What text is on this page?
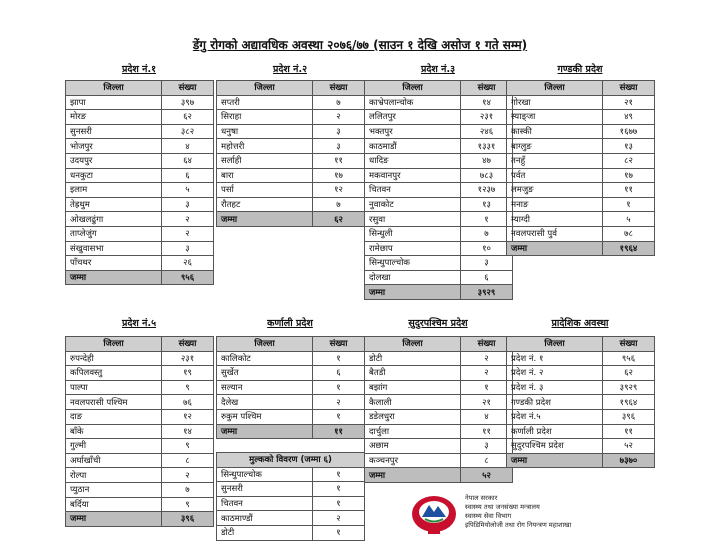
डेंगु रोगको अद्यावधिक अवस्था २०७६/७७ (साउन १ देखि असोज १ गते सम्म)
प्रदेश नं.१
जिल्ला	संख्या
झापा	३९७
मोरङ	६२
सुनसरी	३८२
भोजपुर	४
उदयपुर	६४
धनकुटा	६
इलाम	५
तेह्रथुम	३
ओखलढुंगा	२
ताप्लेजुंग	२
संखुवासभा	३
पाँचथर	२६
जम्मा	९५६
प्रदेश नं.२
जिल्ला	संख्या
सप्तरी	७
सिराहा	२
धनुषा	३
महोत्तरी	३
सर्लाही	११
बारा	१७
पर्सा	१२
रौतहट	७
जम्मा	६२
प्रदेश नं.३
जिल्ला	संख्या
काभ्रेपलान्चोक	१४
ललितपुर	२३१
भक्तपुर	२४६
काठमाडौं	१३३१
धादिङ	४७
मकवानपुर	७८३
चितवन	१२३७
नुवाकोट	१३
रसुवा	१
सिन्धुली	७
रामेछाप	१०
सिन्धुपाल्चोक	३
दोलखा	६
जम्मा	३९२९
गण्डकी प्रदेश
जिल्ला	संख्या
गोरखा	२१
स्याङ्जा	४९
कास्की	१६७७
बाग्लुङ	१३
तनहुँ	८२
पर्वत	१७
लमजुङ	११
मनाङ	१
म्याग्दी	५
नवलपरासी पुर्व	७८
जम्मा	१९६४
प्रदेश नं.५
जिल्ला	संख्या
रुपन्देही	२३१
कपिलवस्तु	१९
पाल्पा	९
नवलपरासी पश्चिम	७६
दाङ	१२
बाँके	१४
गुल्मी	९
अर्घाखाँची	८
रोल्पा	२
प्युठान	७
बर्दिया	९
जम्मा	३९६
कर्णाली प्रदेश
जिल्ला	संख्या
कालिकोट	१
सुर्खेत	६
सल्यान	१
दैलेख	२
रुकुम पश्चिम	१
जम्मा	११
सुदुरपश्चिम प्रदेश
जिल्ला	संख्या
डोटी	२
बैतडी	२
बझांग	१
कैलाली	२१
डडेलधुरा	४
दार्चुला	११
अछाम	३
कञ्चनपुर	८
जम्मा	५२
प्रादेशिक अवस्था
जिल्ला	संख्या
प्रदेश नं. १	९५६
प्रदेश नं. २	६२
प्रदेश नं. ३	३९२९
गण्डकी प्रदेश	१९६४
प्रदेश नं.५	३९६
कर्णाली प्रदेश	११
सुदुरपश्चिम प्रदेश	५२
जम्मा	७३७०
मुल्कको विवरण (जम्मा ६)	
सिन्धुपाल्चोक	१
सुनसरी	१
चितवन	१
काठमाण्डौं	२
डोटी	१
नेपाल सरकार
स्वास्थ्य तथा जनसंख्या मन्त्रालय
स्वास्थ्य सेवा विभाग
इपिडिमियोलोजी तथा रोग नियन्त्रण महाशाखा
